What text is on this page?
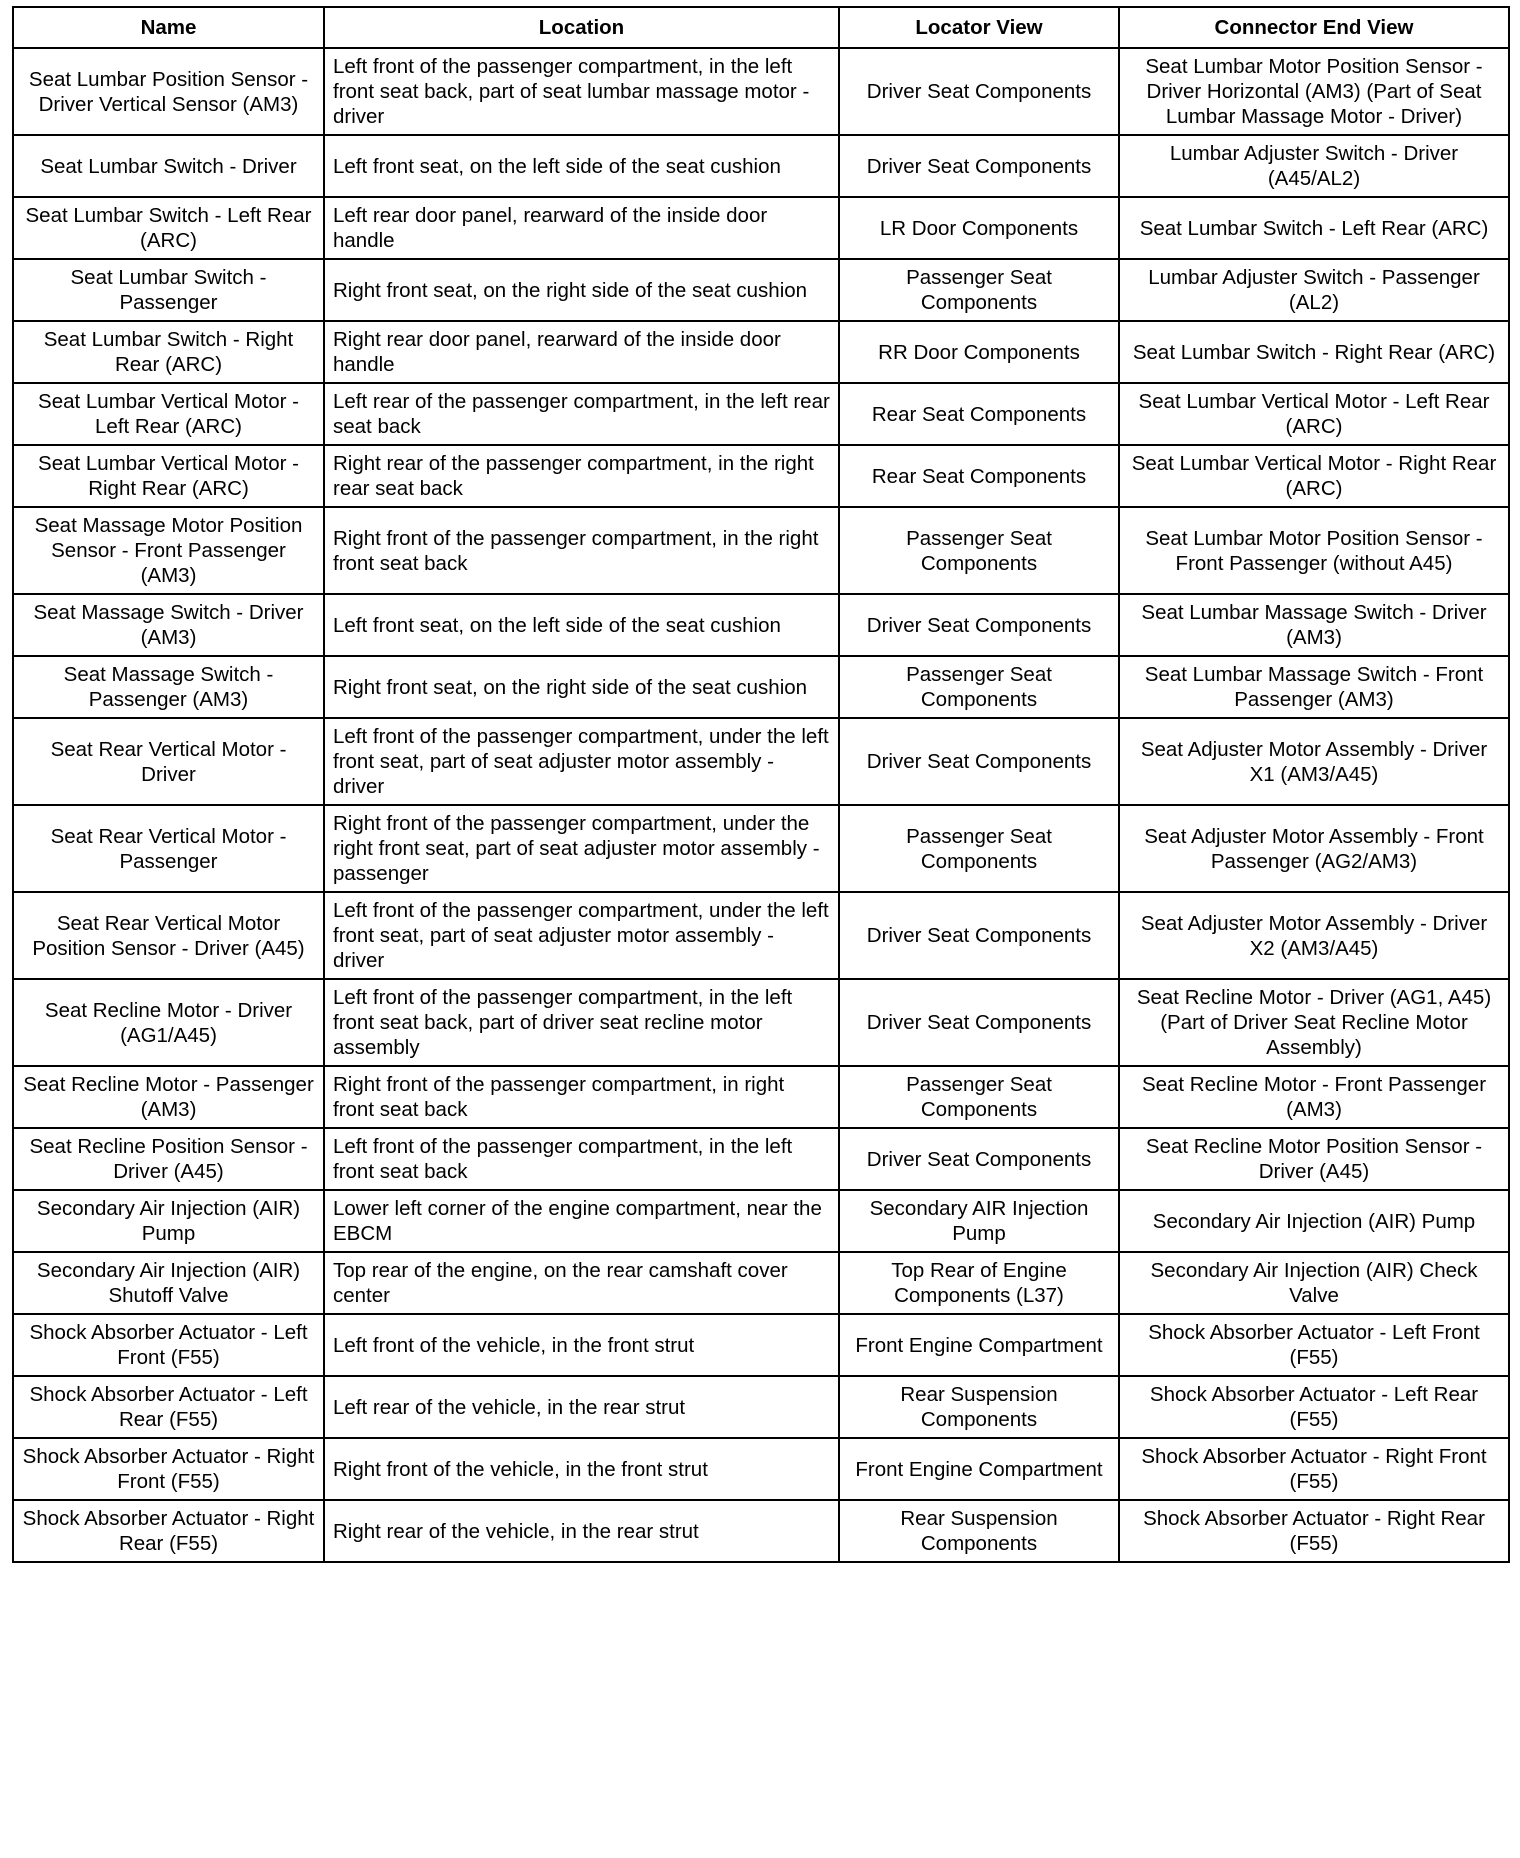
Name	Location	Locator View	Connector End View
Seat Lumbar Position Sensor - Driver Vertical Sensor (AM3)	Left front of the passenger compartment, in the left front seat back, part of seat lumbar massage motor - driver	Driver Seat Components	Seat Lumbar Motor Position Sensor - Driver Horizontal (AM3) (Part of Seat Lumbar Massage Motor - Driver)
Seat Lumbar Switch - Driver	Left front seat, on the left side of the seat cushion	Driver Seat Components	Lumbar Adjuster Switch - Driver (A45/AL2)
Seat Lumbar Switch - Left Rear (ARC)	Left rear door panel, rearward of the inside door handle	LR Door Components	Seat Lumbar Switch - Left Rear (ARC)
Seat Lumbar Switch - Passenger	Right front seat, on the right side of the seat cushion	Passenger Seat Components	Lumbar Adjuster Switch - Passenger (AL2)
Seat Lumbar Switch - Right Rear (ARC)	Right rear door panel, rearward of the inside door handle	RR Door Components	Seat Lumbar Switch - Right Rear (ARC)
Seat Lumbar Vertical Motor - Left Rear (ARC)	Left rear of the passenger compartment, in the left rear seat back	Rear Seat Components	Seat Lumbar Vertical Motor - Left Rear (ARC)
Seat Lumbar Vertical Motor - Right Rear (ARC)	Right rear of the passenger compartment, in the right rear seat back	Rear Seat Components	Seat Lumbar Vertical Motor - Right Rear (ARC)
Seat Massage Motor Position Sensor - Front Passenger (AM3)	Right front of the passenger compartment, in the right front seat back	Passenger Seat Components	Seat Lumbar Motor Position Sensor - Front Passenger (without A45)
Seat Massage Switch - Driver (AM3)	Left front seat, on the left side of the seat cushion	Driver Seat Components	Seat Lumbar Massage Switch - Driver (AM3)
Seat Massage Switch - Passenger (AM3)	Right front seat, on the right side of the seat cushion	Passenger Seat Components	Seat Lumbar Massage Switch - Front Passenger (AM3)
Seat Rear Vertical Motor - Driver	Left front of the passenger compartment, under the left front seat, part of seat adjuster motor assembly - driver	Driver Seat Components	Seat Adjuster Motor Assembly - Driver X1 (AM3/A45)
Seat Rear Vertical Motor - Passenger	Right front of the passenger compartment, under the right front seat, part of seat adjuster motor assembly - passenger	Passenger Seat Components	Seat Adjuster Motor Assembly - Front Passenger (AG2/AM3)
Seat Rear Vertical Motor Position Sensor - Driver (A45)	Left front of the passenger compartment, under the left front seat, part of seat adjuster motor assembly - driver	Driver Seat Components	Seat Adjuster Motor Assembly - Driver X2 (AM3/A45)
Seat Recline Motor - Driver (AG1/A45)	Left front of the passenger compartment, in the left front seat back, part of driver seat recline motor assembly	Driver Seat Components	Seat Recline Motor - Driver (AG1, A45) (Part of Driver Seat Recline Motor Assembly)
Seat Recline Motor - Passenger (AM3)	Right front of the passenger compartment, in right front seat back	Passenger Seat Components	Seat Recline Motor - Front Passenger (AM3)
Seat Recline Position Sensor - Driver (A45)	Left front of the passenger compartment, in the left front seat back	Driver Seat Components	Seat Recline Motor Position Sensor - Driver (A45)
Secondary Air Injection (AIR) Pump	Lower left corner of the engine compartment, near the EBCM	Secondary AIR Injection Pump	Secondary Air Injection (AIR) Pump
Secondary Air Injection (AIR) Shutoff Valve	Top rear of the engine, on the rear camshaft cover center	Top Rear of Engine Components (L37)	Secondary Air Injection (AIR) Check Valve
Shock Absorber Actuator - Left Front (F55)	Left front of the vehicle, in the front strut	Front Engine Compartment	Shock Absorber Actuator - Left Front (F55)
Shock Absorber Actuator - Left Rear (F55)	Left rear of the vehicle, in the rear strut	Rear Suspension Components	Shock Absorber Actuator - Left Rear (F55)
Shock Absorber Actuator - Right Front (F55)	Right front of the vehicle, in the front strut	Front Engine Compartment	Shock Absorber Actuator - Right Front (F55)
Shock Absorber Actuator - Right Rear (F55)	Right rear of the vehicle, in the rear strut	Rear Suspension Components	Shock Absorber Actuator - Right Rear (F55)
